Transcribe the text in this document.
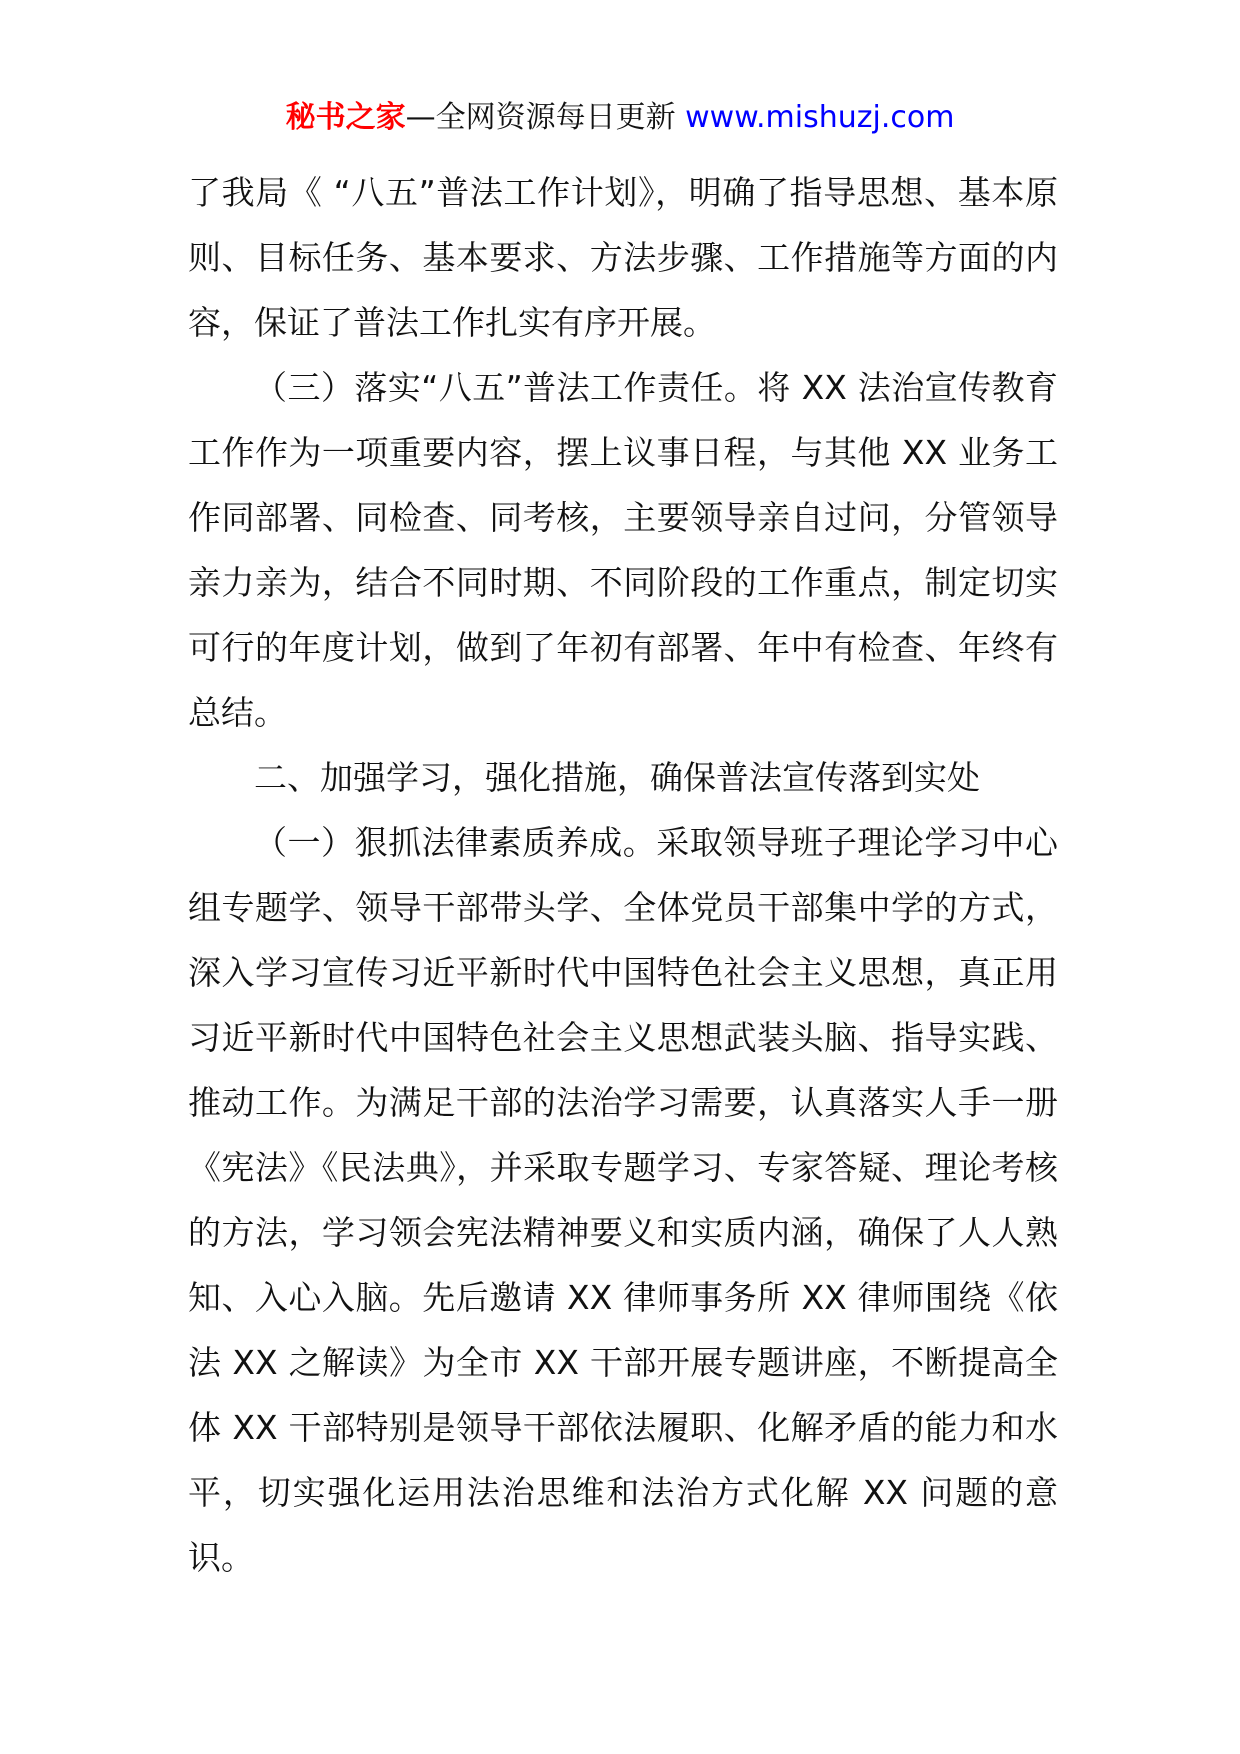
秘书之家—全网资源每日更新 www.mishuzj.com

了我局《 “八五”普法工作计划》，明确了指导思想、基本原则、目标任务、基本要求、方法步骤、工作措施等方面的内容，保证了普法工作扎实有序开展。

（三）落实“八五”普法工作责任。将 XX 法治宣传教育工作作为一项重要内容，摆上议事日程，与其他 XX 业务工作同部署、同检查、同考核，主要领导亲自过问，分管领导亲力亲为，结合不同时期、不同阶段的工作重点，制定切实可行的年度计划，做到了年初有部署、年中有检查、年终有总结。

二、加强学习，强化措施，确保普法宣传落到实处

（一）狠抓法律素质养成。采取领导班子理论学习中心组专题学、领导干部带头学、全体党员干部集中学的方式，深入学习宣传习近平新时代中国特色社会主义思想，真正用习近平新时代中国特色社会主义思想武装头脑、指导实践、推动工作。为满足干部的法治学习需要，认真落实人手一册《宪法》《民法典》，并采取专题学习、专家答疑、理论考核的方法，学习领会宪法精神要义和实质内涵，确保了人人熟知、入心入脑。先后邀请 XX 律师事务所 XX 律师围绕《依法 XX 之解读》为全市 XX 干部开展专题讲座，不断提高全体 XX 干部特别是领导干部依法履职、化解矛盾的能力和水平，切实强化运用法治思维和法治方式化解 XX 问题的意识。
